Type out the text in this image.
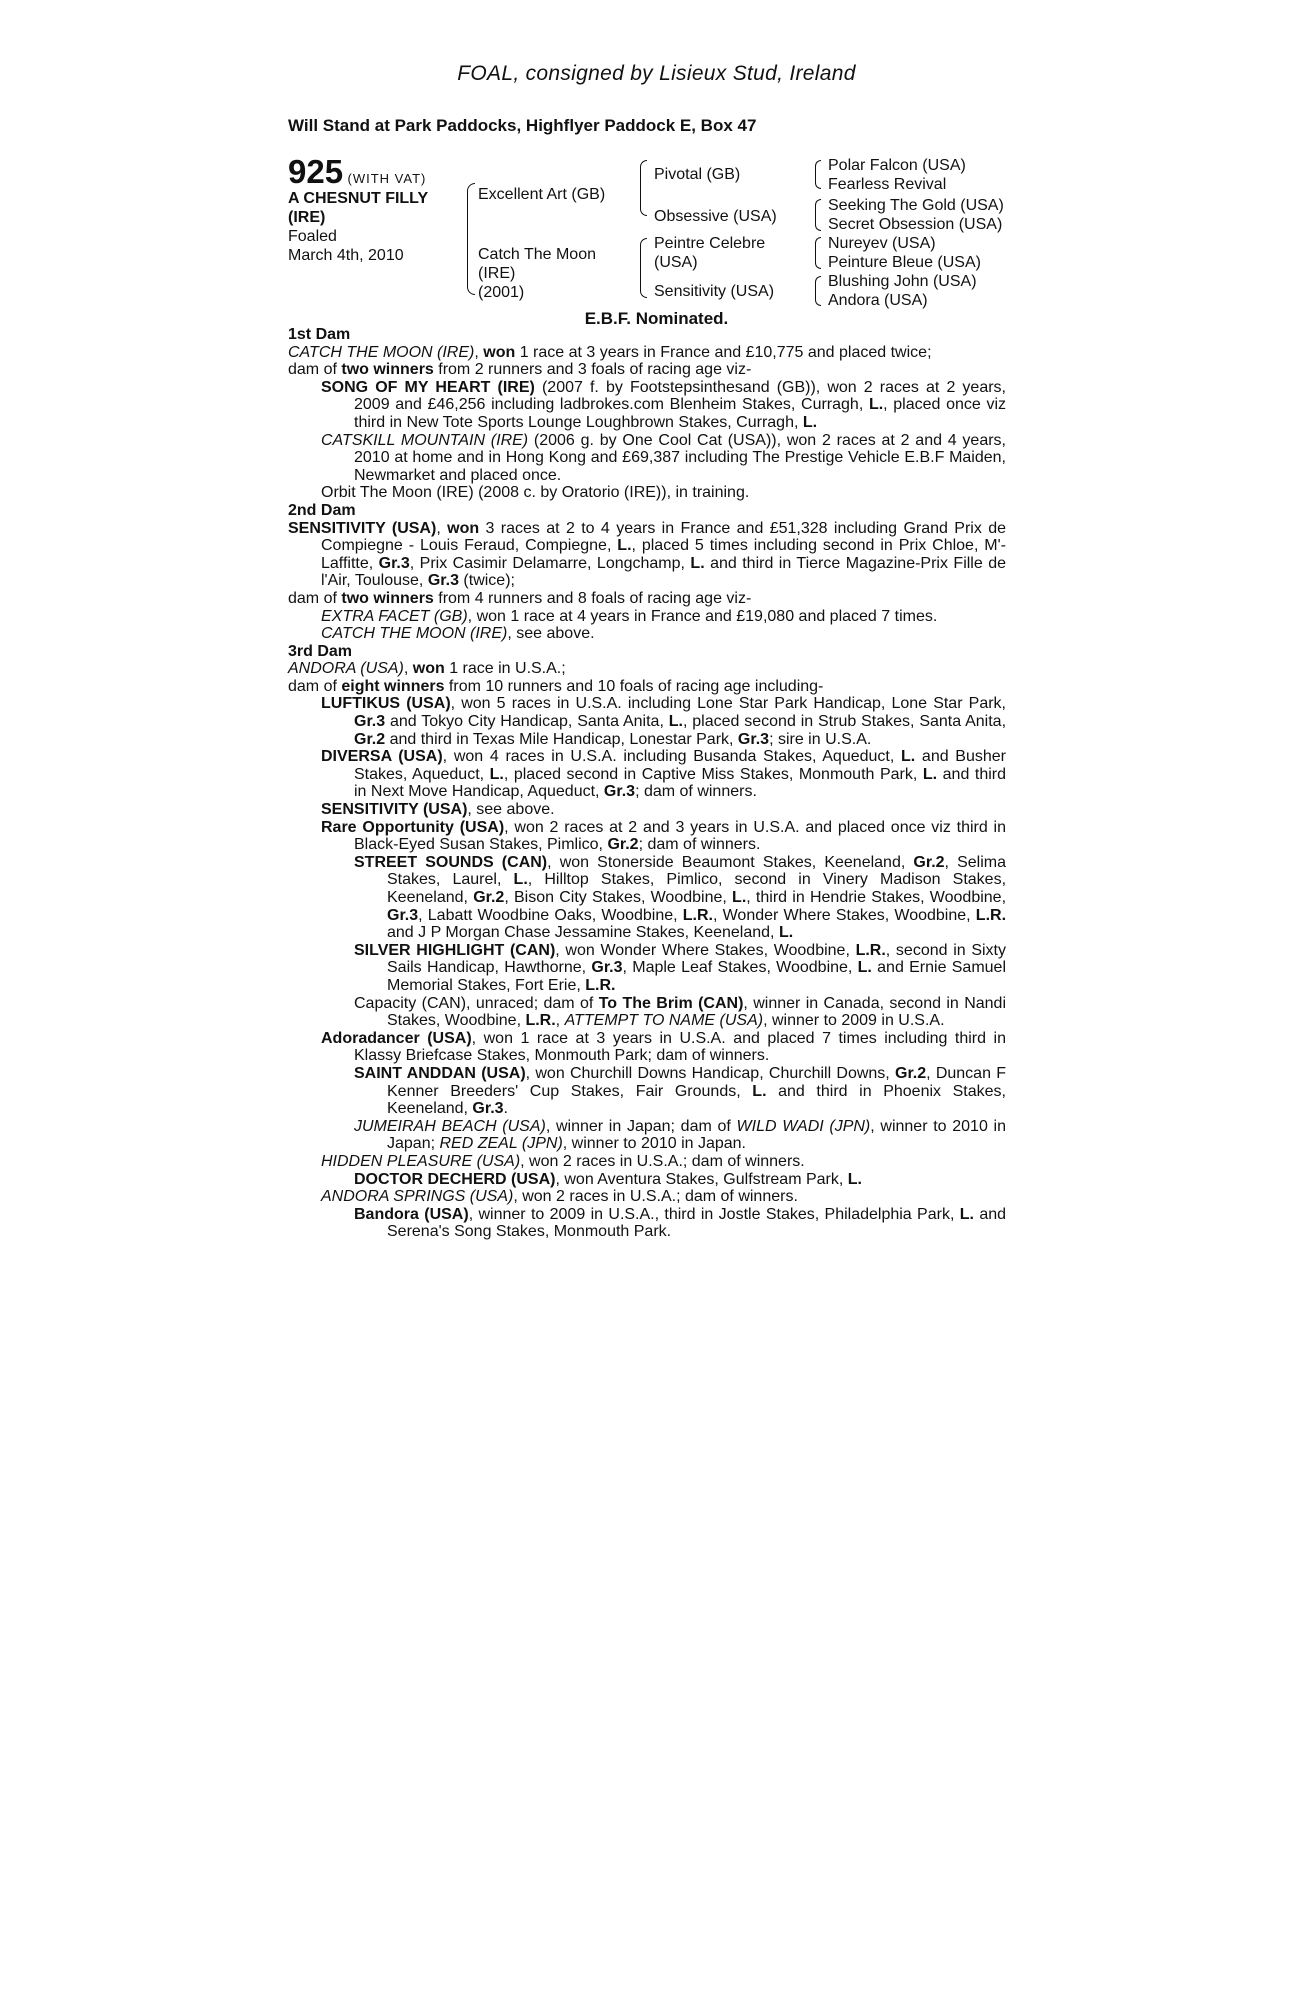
FOAL, consigned by Lisieux Stud, Ireland
Will Stand at Park Paddocks, Highflyer Paddock E, Box 47
925 (WITH VAT)
A CHESNUT FILLY
(IRE)
Foaled
March 4th, 2010
Excellent Art (GB)
Catch The Moon
(IRE)
(2001)
Pivotal (GB)
Obsessive (USA)
Peintre Celebre
(USA)
Sensitivity (USA)
Polar Falcon (USA)
Fearless Revival
Seeking The Gold (USA)
Secret Obsession (USA)
Nureyev (USA)
Peinture Bleue (USA)
Blushing John (USA)
Andora (USA)
E.B.F. Nominated.

1st Dam

CATCH THE MOON (IRE), won 1 race at 3 years in France and £10,775 and placed twice;

dam of two winners from 2 runners and 3 foals of racing age viz-

SONG OF MY HEART (IRE) (2007 f. by Footstepsinthesand (GB)), won 2 races at 2 years, 2009 and £46,256 including ladbrokes.com Blenheim Stakes, Curragh, L., placed once viz third in New Tote Sports Lounge Loughbrown Stakes, Curragh, L.

CATSKILL MOUNTAIN (IRE) (2006 g. by One Cool Cat (USA)), won 2 races at 2 and 4 years, 2010 at home and in Hong Kong and £69,387 including The Prestige Vehicle E.B.F Maiden, Newmarket and placed once.

Orbit The Moon (IRE) (2008 c. by Oratorio (IRE)), in training.

2nd Dam

SENSITIVITY (USA), won 3 races at 2 to 4 years in France and £51,328 including Grand Prix de Compiegne - Louis Feraud, Compiegne, L., placed 5 times including second in Prix Chloe, M'-Laffitte, Gr.3, Prix Casimir Delamarre, Longchamp, L. and third in Tierce Magazine-Prix Fille de l'Air, Toulouse, Gr.3 (twice);

dam of two winners from 4 runners and 8 foals of racing age viz-

EXTRA FACET (GB), won 1 race at 4 years in France and £19,080 and placed 7 times.

CATCH THE MOON (IRE), see above.

3rd Dam

ANDORA (USA), won 1 race in U.S.A.;

dam of eight winners from 10 runners and 10 foals of racing age including-

LUFTIKUS (USA), won 5 races in U.S.A. including Lone Star Park Handicap, Lone Star Park, Gr.3 and Tokyo City Handicap, Santa Anita, L., placed second in Strub Stakes, Santa Anita, Gr.2 and third in Texas Mile Handicap, Lonestar Park, Gr.3; sire in U.S.A.

DIVERSA (USA), won 4 races in U.S.A. including Busanda Stakes, Aqueduct, L. and Busher Stakes, Aqueduct, L., placed second in Captive Miss Stakes, Monmouth Park, L. and third in Next Move Handicap, Aqueduct, Gr.3; dam of winners.

SENSITIVITY (USA), see above.

Rare Opportunity (USA), won 2 races at 2 and 3 years in U.S.A. and placed once viz third in Black-Eyed Susan Stakes, Pimlico, Gr.2; dam of winners.

STREET SOUNDS (CAN), won Stonerside Beaumont Stakes, Keeneland, Gr.2, Selima Stakes, Laurel, L., Hilltop Stakes, Pimlico, second in Vinery Madison Stakes, Keeneland, Gr.2, Bison City Stakes, Woodbine, L., third in Hendrie Stakes, Woodbine, Gr.3, Labatt Woodbine Oaks, Woodbine, L.R., Wonder Where Stakes, Woodbine, L.R. and J P Morgan Chase Jessamine Stakes, Keeneland, L.

SILVER HIGHLIGHT (CAN), won Wonder Where Stakes, Woodbine, L.R., second in Sixty Sails Handicap, Hawthorne, Gr.3, Maple Leaf Stakes, Woodbine, L. and Ernie Samuel Memorial Stakes, Fort Erie, L.R.

Capacity (CAN), unraced; dam of To The Brim (CAN), winner in Canada, second in Nandi Stakes, Woodbine, L.R., ATTEMPT TO NAME (USA), winner to 2009 in U.S.A.

Adoradancer (USA), won 1 race at 3 years in U.S.A. and placed 7 times including third in Klassy Briefcase Stakes, Monmouth Park; dam of winners.

SAINT ANDDAN (USA), won Churchill Downs Handicap, Churchill Downs, Gr.2, Duncan F Kenner Breeders' Cup Stakes, Fair Grounds, L. and third in Phoenix Stakes, Keeneland, Gr.3.

JUMEIRAH BEACH (USA), winner in Japan; dam of WILD WADI (JPN), winner to 2010 in Japan; RED ZEAL (JPN), winner to 2010 in Japan.

HIDDEN PLEASURE (USA), won 2 races in U.S.A.; dam of winners.

DOCTOR DECHERD (USA), won Aventura Stakes, Gulfstream Park, L.

ANDORA SPRINGS (USA), won 2 races in U.S.A.; dam of winners.

Bandora (USA), winner to 2009 in U.S.A., third in Jostle Stakes, Philadelphia Park, L. and Serena's Song Stakes, Monmouth Park.
